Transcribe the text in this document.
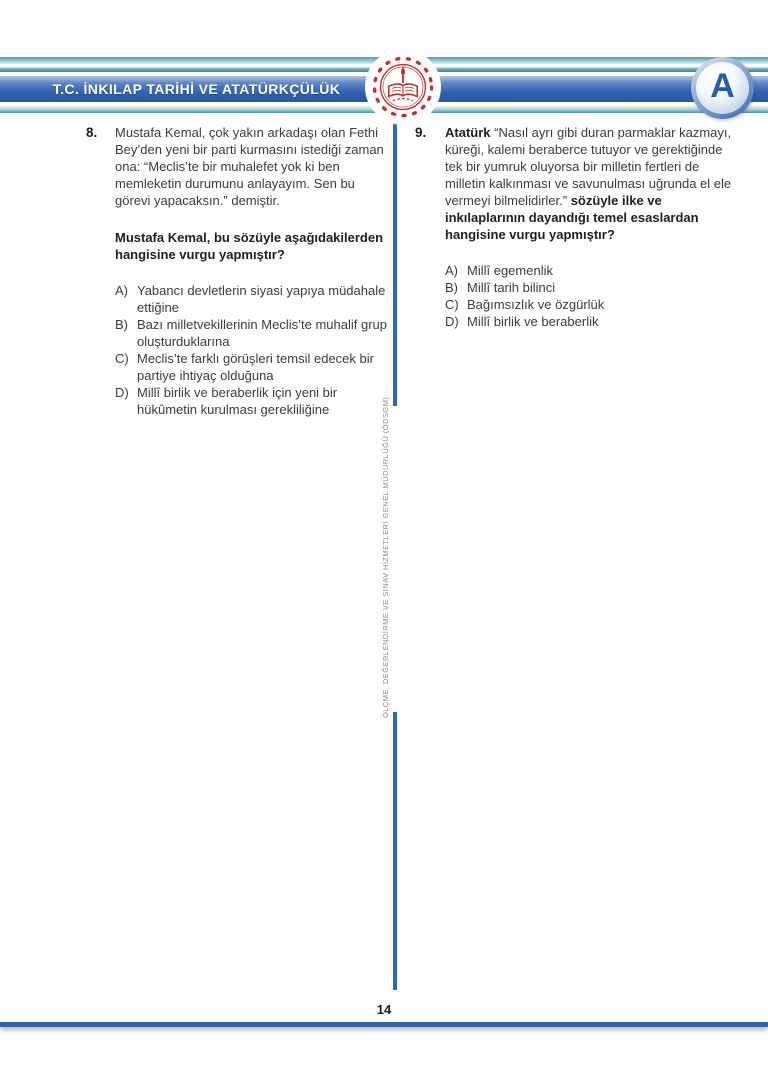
T.C. İNKILAP TARİHİ VE ATATÜRKÇÜLÜK	A
ÖLÇME, DEĞERLENDİRME VE SINAV HİZMETLERİ GENEL MÜDÜRLÜĞÜ (ÖDSGM)
8.	Mustafa Kemal, çok yakın arkadaşı olan Fethi Bey’den yeni bir parti kurmasını istediği zaman ona: “Meclis’te bir muhalefet yok ki ben memleketin durumunu anlayayım. Sen bu görevi yapacaksın.” demiştir.

Mustafa Kemal, bu sözüyle aşağıdakilerden hangisine vurgu yapmıştır?

A) Yabancı devletlerin siyasi yapıya müdahale ettiğine
B) Bazı milletvekillerinin Meclis’te muhalif grup oluşturduklarına
C) Meclis’te farklı görüşleri temsil edecek bir partiye ihtiyaç olduğuna
D) Millî birlik ve beraberlik için yeni bir hükûmetin kurulması gerekliliğine
9.	Atatürk “Nasıl ayrı gibi duran parmaklar kazmayı, küreği, kalemi beraberce tutuyor ve gerektiğinde tek bir yumruk oluyorsa bir milletin fertleri de milletin kalkınması ve savunulması uğrunda el ele vermeyi bilmelidirler.” sözüyle ilke ve inkılaplarının dayandığı temel esaslardan hangisine vurgu yapmıştır?

A) Millî egemenlik
B) Millî tarih bilinci
C) Bağımsızlık ve özgürlük
D) Millî birlik ve beraberlik
14
